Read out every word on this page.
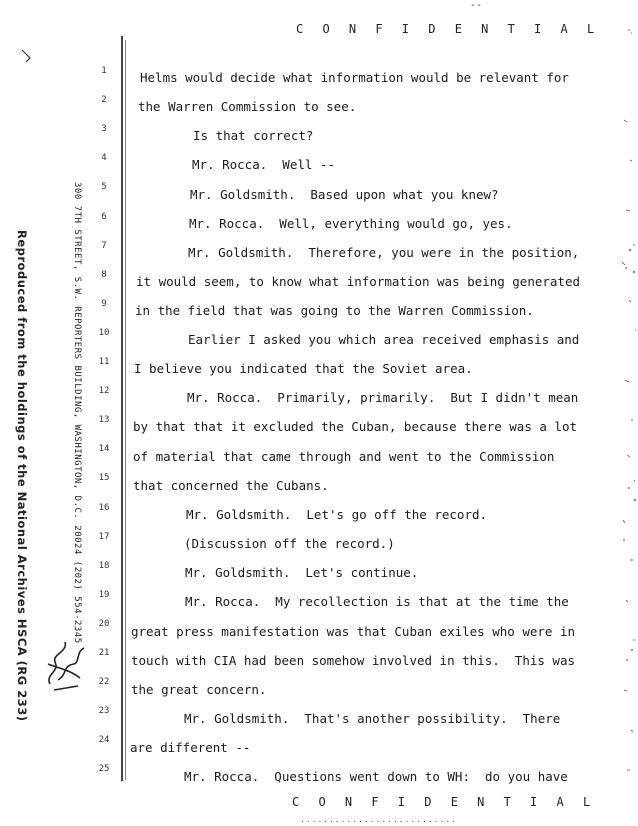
--
C O N F I D E N T I A L
Reproduced from the holdings of the National Archives HSCA (RG 233)	300 7TH STREET, S.W. REPORTERS BUILDING, WASHINGTON, D.C. 20024 (202) 554-2345
1
2
3
4
5
6
7
8
9
10
11
12
13
14
15
16
17
18
19
20
21
22
23
24
25
Helms would decide what information would be relevant for
the Warren Commission to see.
Is that correct?
Mr. Rocca.  Well --
Mr. Goldsmith.  Based upon what you knew?
Mr. Rocca.  Well, everything would go, yes.
Mr. Goldsmith.  Therefore, you were in the position,
it would seem, to know what information was being generated
in the field that was going to the Warren Commission.
Earlier I asked you which area received emphasis and
I believe you indicated that the Soviet area.
Mr. Rocca.  Primarily, primarily.  But I didn't mean
by that that it excluded the Cuban, because there was a lot
of material that came through and went to the Commission
that concerned the Cubans.
Mr. Goldsmith.  Let's go off the record.
(Discussion off the record.)
Mr. Goldsmith.  Let's continue.
Mr. Rocca.  My recollection is that at the time the
great press manifestation was that Cuban exiles who were in
touch with CIA had been somehow involved in this.  This was
the great concern.
Mr. Goldsmith.  That's another possibility.  There
are different --
Mr. Rocca.  Questions went down to WH:  do you have
C O N F I D E N T I A L
...........................
